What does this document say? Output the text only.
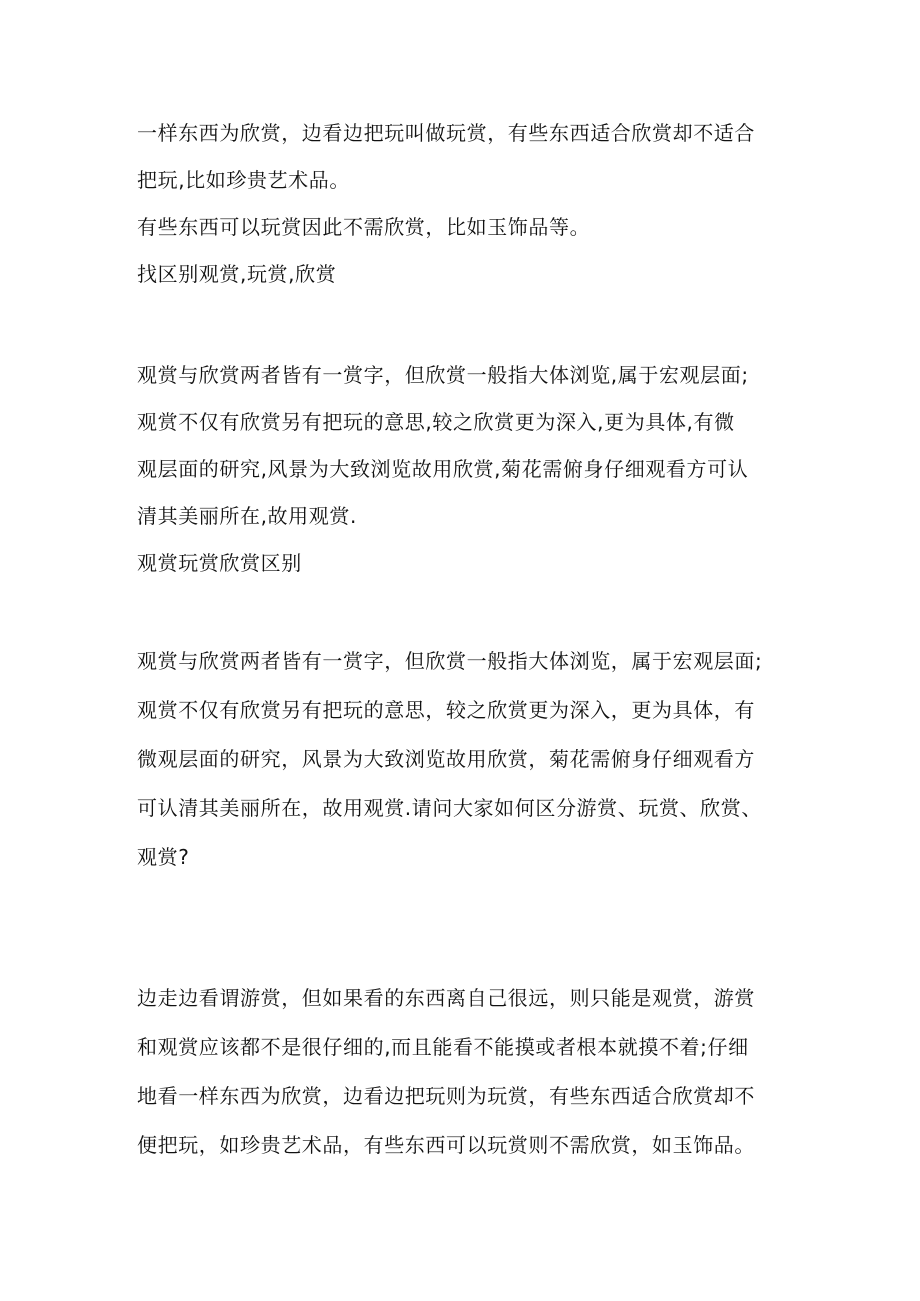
一样东西为欣赏，边看边把玩叫做玩赏，有些东西适合欣赏却不适合
把玩,比如珍贵艺术品。
有些东西可以玩赏因此不需欣赏，比如玉饰品等。
找区别观赏,玩赏,欣赏
观赏与欣赏两者皆有一赏字，但欣赏一般指大体浏览,属于宏观层面;
观赏不仅有欣赏另有把玩的意思,较之欣赏更为深入,更为具体,有微
观层面的研究,风景为大致浏览故用欣赏,菊花需俯身仔细观看方可认
清其美丽所在,故用观赏.
观赏玩赏欣赏区别
观赏与欣赏两者皆有一赏字，但欣赏一般指大体浏览，属于宏观层面;
观赏不仅有欣赏另有把玩的意思，较之欣赏更为深入，更为具体，有
微观层面的研究，风景为大致浏览故用欣赏，菊花需俯身仔细观看方
可认清其美丽所在，故用观赏.请问大家如何区分游赏、玩赏、欣赏、
观赏?
边走边看谓游赏，但如果看的东西离自己很远，则只能是观赏，游赏
和观赏应该都不是很仔细的,而且能看不能摸或者根本就摸不着;仔细
地看一样东西为欣赏，边看边把玩则为玩赏，有些东西适合欣赏却不
便把玩，如珍贵艺术品，有些东西可以玩赏则不需欣赏，如玉饰品。
